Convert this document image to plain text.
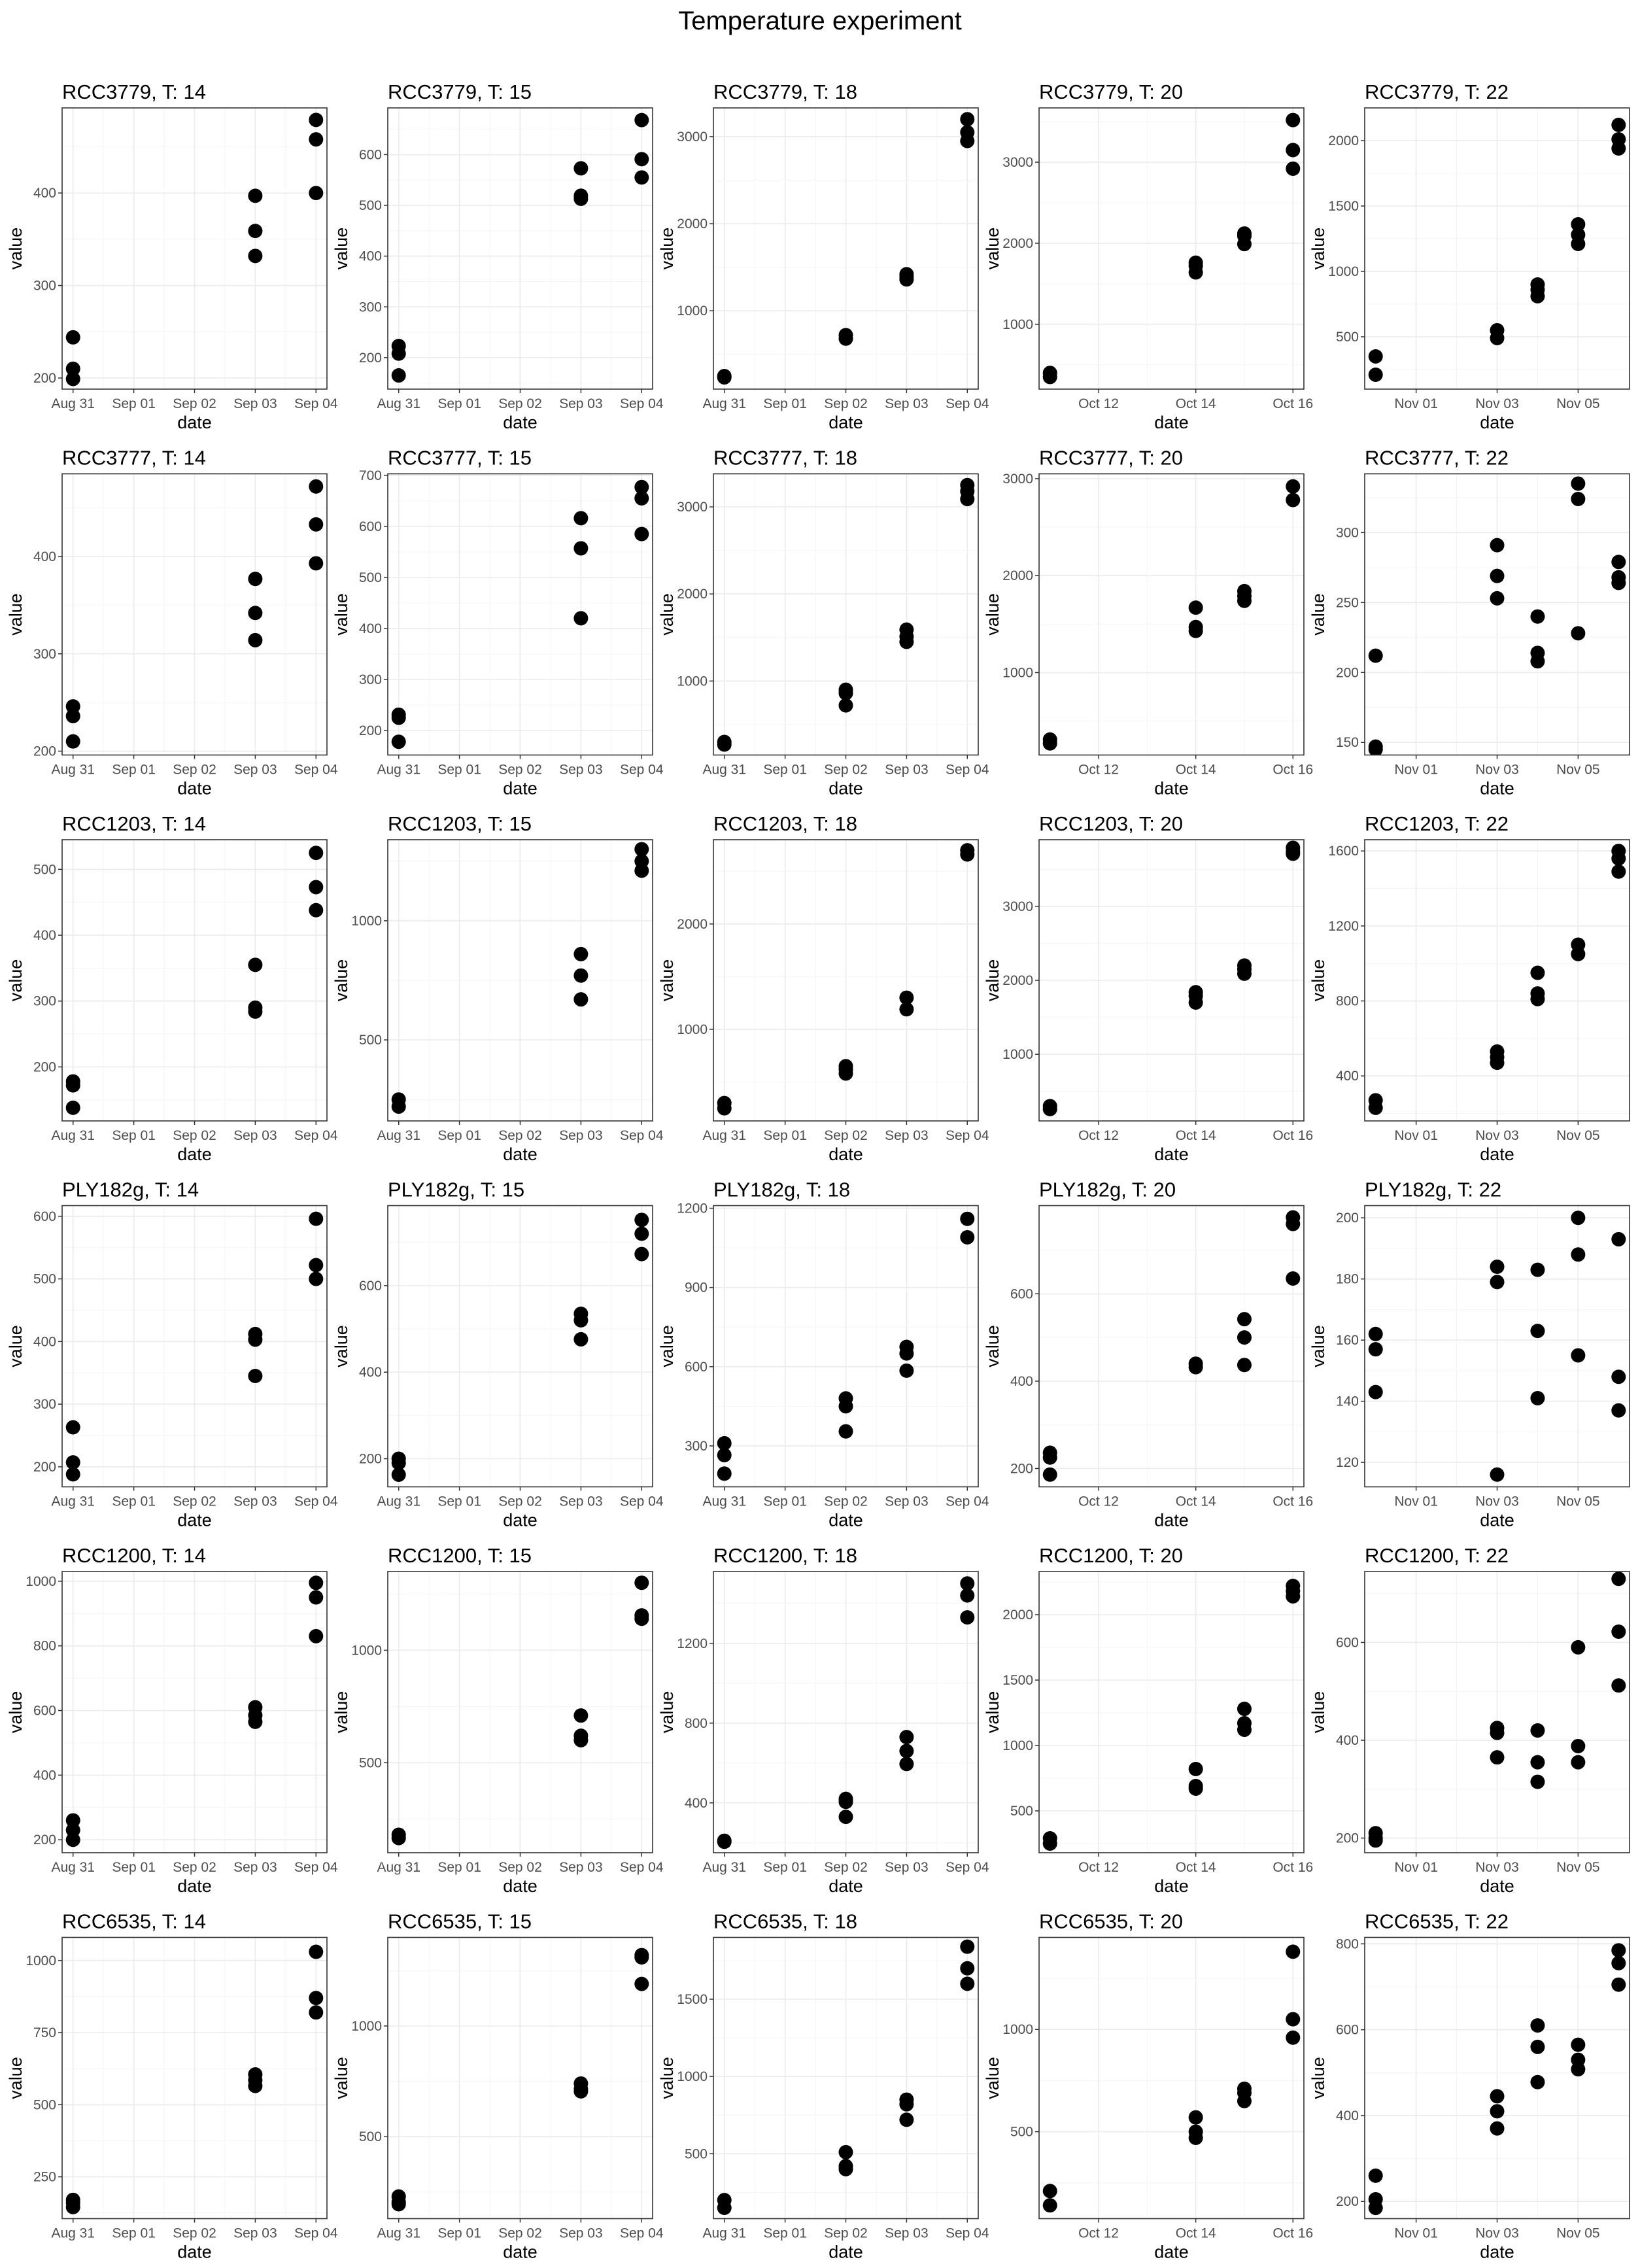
Temperature experiment
200
300
400
Aug 31 Sep 01 Sep 02 Sep 03 Sep 04
RCC3779, T: 14
date
value
200
300
400
500
600
Aug 31 Sep 01 Sep 02 Sep 03 Sep 04
RCC3779, T: 15
date
value
1000
2000
3000
Aug 31 Sep 01 Sep 02 Sep 03 Sep 04
RCC3779, T: 18
date
value
1000
2000
3000
Oct 12	Oct 14	Oct 16
RCC3779, T: 20
date
value
500
1000
1500
2000
Nov 01	Nov 03	Nov 05
RCC3779, T: 22
date
value
200
300
400
Aug 31 Sep 01 Sep 02 Sep 03 Sep 04
RCC3777, T: 14
date
value
200
300
400
500
600
700
Aug 31 Sep 01 Sep 02 Sep 03 Sep 04
RCC3777, T: 15
date
value
1000
2000
3000
Aug 31 Sep 01 Sep 02 Sep 03 Sep 04
RCC3777, T: 18
date
value
1000
2000
3000
Oct 12	Oct 14	Oct 16
RCC3777, T: 20
date
value
150
200
250
300
Nov 01	Nov 03	Nov 05
RCC3777, T: 22
date
value
200
300
400
500
Aug 31 Sep 01 Sep 02 Sep 03 Sep 04
RCC1203, T: 14
date
value
500
1000
Aug 31 Sep 01 Sep 02 Sep 03 Sep 04
RCC1203, T: 15
date
value
1000
2000
Aug 31 Sep 01 Sep 02 Sep 03 Sep 04
RCC1203, T: 18
date
value
1000
2000
3000
Oct 12	Oct 14	Oct 16
RCC1203, T: 20
date
value
400
800
1200
1600
Nov 01	Nov 03	Nov 05
RCC1203, T: 22
date
value
200
300
400
500
600
Aug 31 Sep 01 Sep 02 Sep 03 Sep 04
PLY182g, T: 14
date
value
200
400
600
Aug 31 Sep 01 Sep 02 Sep 03 Sep 04
PLY182g, T: 15
date
value
300
600
900
1200
Aug 31 Sep 01 Sep 02 Sep 03 Sep 04
PLY182g, T: 18
date
value
200
400
600
Oct 12	Oct 14	Oct 16
PLY182g, T: 20
date
value
120
140
160
180
200
Nov 01	Nov 03	Nov 05
PLY182g, T: 22
date
value
200
400
600
800
1000
Aug 31 Sep 01 Sep 02 Sep 03 Sep 04
RCC1200, T: 14
date
value
500
1000
Aug 31 Sep 01 Sep 02 Sep 03 Sep 04
RCC1200, T: 15
date
value
400
800
1200
Aug 31 Sep 01 Sep 02 Sep 03 Sep 04
RCC1200, T: 18
date
value
500
1000
1500
2000
Oct 12	Oct 14	Oct 16
RCC1200, T: 20
date
value
200
400
600
Nov 01	Nov 03	Nov 05
RCC1200, T: 22
date
value
250
500
750
1000
Aug 31 Sep 01 Sep 02 Sep 03 Sep 04
RCC6535, T: 14
date
value
500
1000
Aug 31 Sep 01 Sep 02 Sep 03 Sep 04
RCC6535, T: 15
date
value
500
1000
1500
Aug 31 Sep 01 Sep 02 Sep 03 Sep 04
RCC6535, T: 18
date
value
500
1000
Oct 12	Oct 14	Oct 16
RCC6535, T: 20
date
value
200
400
600
800
Nov 01	Nov 03	Nov 05
RCC6535, T: 22
date
value
